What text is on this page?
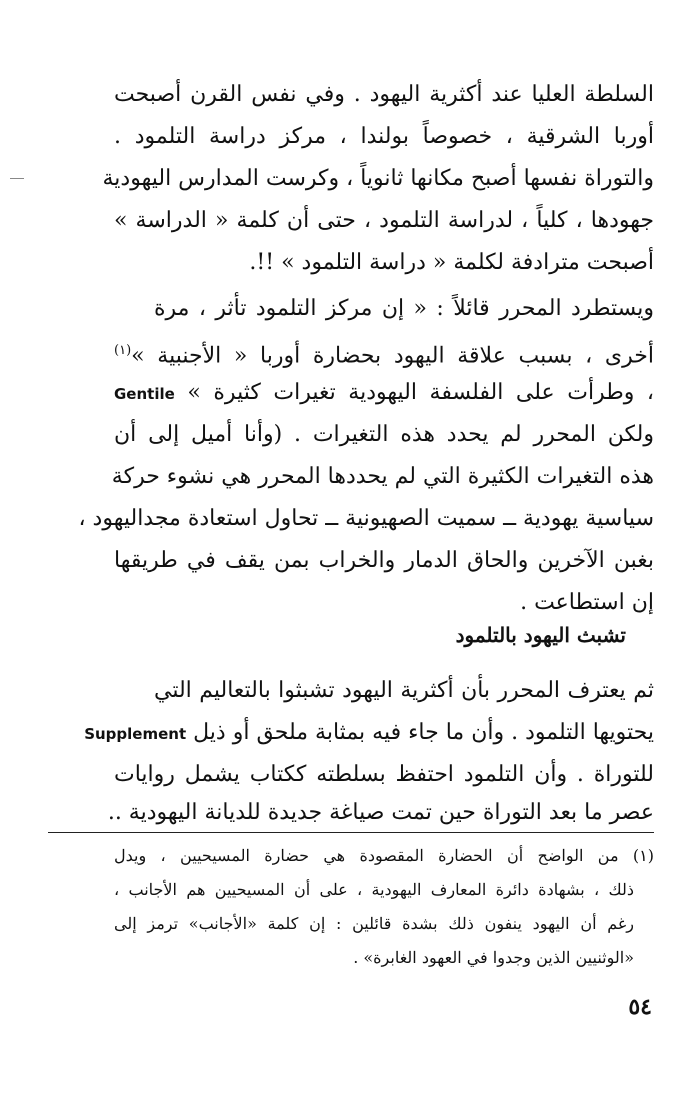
السلطة العليا عند أكثرية اليهود . وفي نفس القرن أصبحت
أوربا الشرقية ، خصوصاً بولندا ، مركز دراسة التلمود .
والتوراة نفسها أصبح مكانها ثانوياً ، وكرست المدارس اليهودية
جهودها ، كلياً ، لدراسة التلمود ، حتى أن كلمة « الدراسة »
أصبحت مترادفة لكلمة « دراسة التلمود » !!.
ويستطرد المحرر قائلاً : « إن مركز التلمود تأثر ، مرة
أخرى ، بسبب علاقة اليهود بحضارة أوربا « الأجنبية »(١)
، وطرأت على الفلسفة اليهودية تغيرات كثيرة » Gentile
ولكن المحرر لم يحدد هذه التغيرات . (وأنا أميل إلى أن
هذه التغيرات الكثيرة التي لم يحددها المحرر هي نشوء حركة
سياسية يهودية ــ سميت الصهيونية ــ تحاول استعادة مجداليهود ،
بغبن الآخرين والحاق الدمار والخراب بمن يقف في طريقها
إن استطاعت .
تشبث اليهود بالتلمود
ثم يعترف المحرر بأن أكثرية اليهود تشبثوا بالتعاليم التي
يحتويها التلمود . وأن ما جاء فيه بمثابة ملحق أو ذيل Supplement
للتوراة . وأن التلمود احتفظ بسلطته ككتاب يشمل روايات
عصر ما بعد التوراة حين تمت صياغة جديدة للديانة اليهودية ..
(١) من الواضح أن الحضارة المقصودة هي حضارة المسيحيين ، ويدل
ذلك ، بشهادة دائرة المعارف اليهودية ، على أن المسيحيين هم الأجانب ،
رغم أن اليهود ينفون ذلك بشدة قائلين : إن كلمة «الأجانب» ترمز إلى
«الوثنيين الذين وجدوا في العهود الغابرة» .
٥٤
